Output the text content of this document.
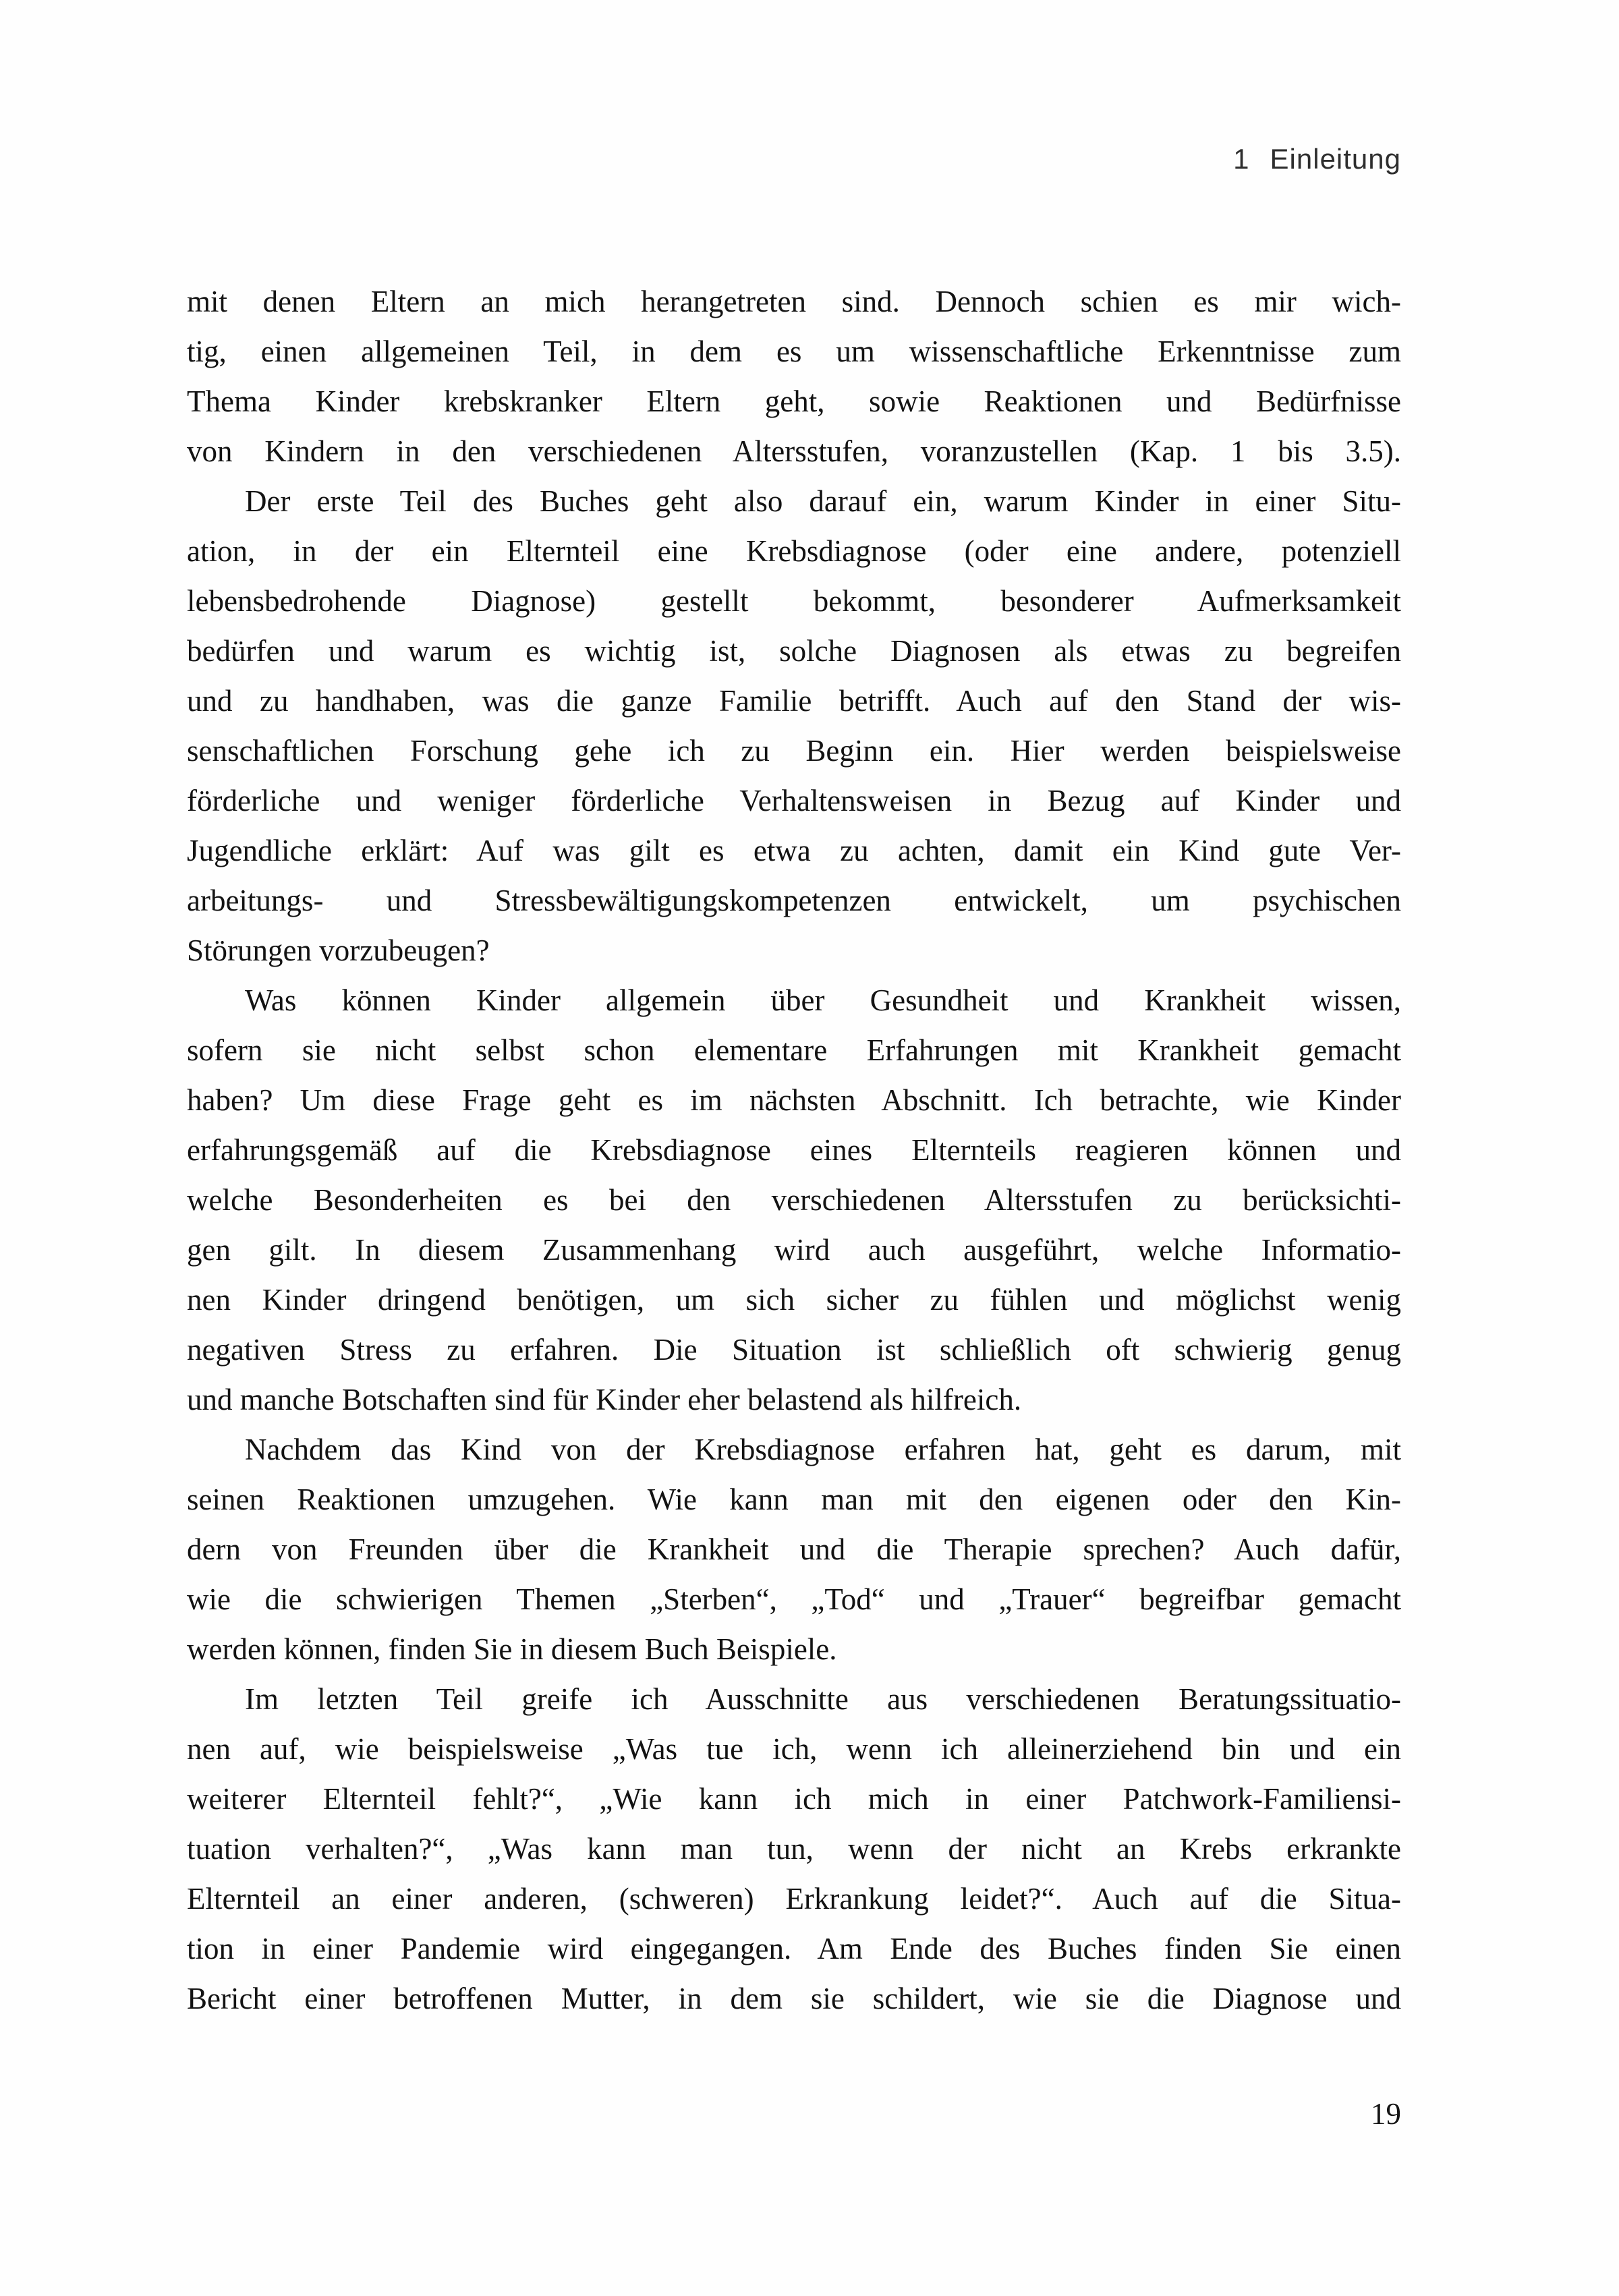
1 Einleitung
mit denen Eltern an mich herangetreten sind. Dennoch schien es mir wich-
tig, einen allgemeinen Teil, in dem es um wissenschaftliche Erkenntnisse zum
Thema Kinder krebskranker Eltern geht, sowie Reaktionen und Bedürfnisse
von Kindern in den verschiedenen Altersstufen, voranzustellen (Kap. 1 bis 3.5).
Der erste Teil des Buches geht also darauf ein, warum Kinder in einer Situ-
ation, in der ein Elternteil eine Krebsdiagnose (oder eine andere, potenziell
lebensbedrohende Diagnose) gestellt bekommt, besonderer Aufmerksamkeit
bedürfen und warum es wichtig ist, solche Diagnosen als etwas zu begreifen
und zu handhaben, was die ganze Familie betrifft. Auch auf den Stand der wis-
senschaftlichen Forschung gehe ich zu Beginn ein. Hier werden beispielsweise
förderliche und weniger förderliche Verhaltensweisen in Bezug auf Kinder und
Jugendliche erklärt: Auf was gilt es etwa zu achten, damit ein Kind gute Ver-
arbeitungs- und Stressbewältigungskompetenzen entwickelt, um psychischen
Störungen vorzubeugen?
Was können Kinder allgemein über Gesundheit und Krankheit wissen,
sofern sie nicht selbst schon elementare Erfahrungen mit Krankheit gemacht
haben? Um diese Frage geht es im nächsten Abschnitt. Ich betrachte, wie Kinder
erfahrungsgemäß auf die Krebsdiagnose eines Elternteils reagieren können und
welche Besonderheiten es bei den verschiedenen Altersstufen zu berücksichti-
gen gilt. In diesem Zusammenhang wird auch ausgeführt, welche Informatio-
nen Kinder dringend benötigen, um sich sicher zu fühlen und möglichst wenig
negativen Stress zu erfahren. Die Situation ist schließlich oft schwierig genug
und manche Botschaften sind für Kinder eher belastend als hilfreich.
Nachdem das Kind von der Krebsdiagnose erfahren hat, geht es darum, mit
seinen Reaktionen umzugehen. Wie kann man mit den eigenen oder den Kin-
dern von Freunden über die Krankheit und die Therapie sprechen? Auch dafür,
wie die schwierigen Themen „Sterben“, „Tod“ und „Trauer“ begreifbar gemacht
werden können, finden Sie in diesem Buch Beispiele.
Im letzten Teil greife ich Ausschnitte aus verschiedenen Beratungssituatio-
nen auf, wie beispielsweise „Was tue ich, wenn ich alleinerziehend bin und ein
weiterer Elternteil fehlt?“, „Wie kann ich mich in einer Patchwork-Familiensi-
tuation verhalten?“, „Was kann man tun, wenn der nicht an Krebs erkrankte
Elternteil an einer anderen, (schweren) Erkrankung leidet?“. Auch auf die Situa-
tion in einer Pandemie wird eingegangen. Am Ende des Buches finden Sie einen
Bericht einer betroffenen Mutter, in dem sie schildert, wie sie die Diagnose und
19
